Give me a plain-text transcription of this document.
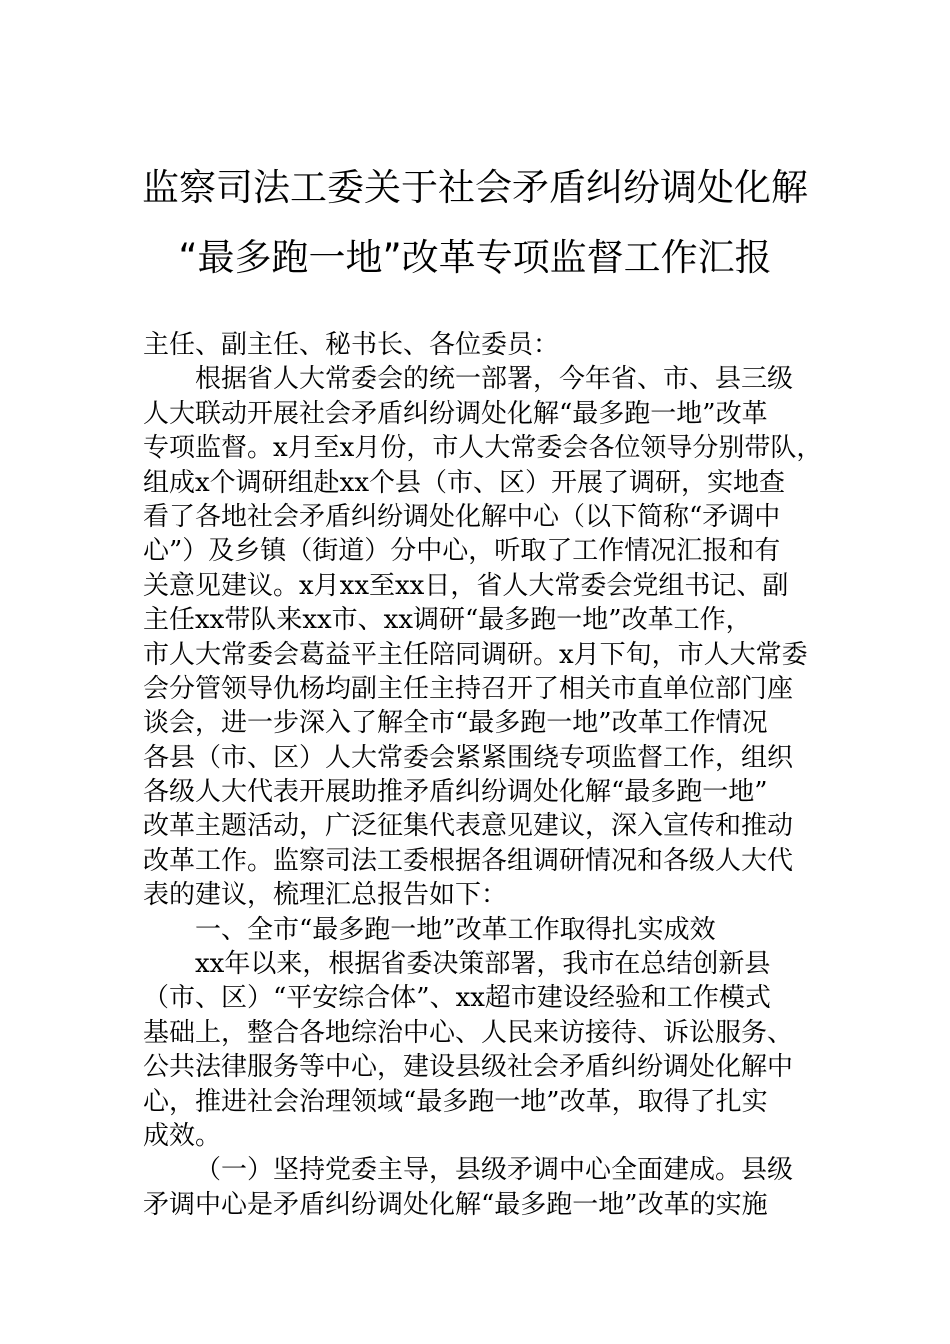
监察司法工委关于社会矛盾纠纷调处化解
“最多跑一地”改革专项监督工作汇报
主任、副主任、秘书长、各位委员：
根据省人大常委会的统一部署，今年省、市、县三级
人大联动开展社会矛盾纠纷调处化解“最多跑一地”改革
专项监督。x月至x月份，市人大常委会各位领导分别带队，
组成x个调研组赴xx个县（市、区）开展了调研，实地查
看了各地社会矛盾纠纷调处化解中心（以下简称“矛调中
心”）及乡镇（街道）分中心，听取了工作情况汇报和有
关意见建议。x月xx至xx日，省人大常委会党组书记、副
主任xx带队来xx市、xx调研“最多跑一地”改革工作，
市人大常委会葛益平主任陪同调研。x月下旬，市人大常委
会分管领导仇杨均副主任主持召开了相关市直单位部门座
谈会，进一步深入了解全市“最多跑一地”改革工作情况
各县（市、区）人大常委会紧紧围绕专项监督工作，组织
各级人大代表开展助推矛盾纠纷调处化解“最多跑一地”
改革主题活动，广泛征集代表意见建议，深入宣传和推动
改革工作。监察司法工委根据各组调研情况和各级人大代
表的建议，梳理汇总报告如下：
一、全市“最多跑一地”改革工作取得扎实成效
xx年以来，根据省委决策部署，我市在总结创新县
（市、区）“平安综合体”、xx超市建设经验和工作模式
基础上，整合各地综治中心、人民来访接待、诉讼服务、
公共法律服务等中心，建设县级社会矛盾纠纷调处化解中
心，推进社会治理领域“最多跑一地”改革，取得了扎实
成效。
（一）坚持党委主导，县级矛调中心全面建成。县级
矛调中心是矛盾纠纷调处化解“最多跑一地”改革的实施
